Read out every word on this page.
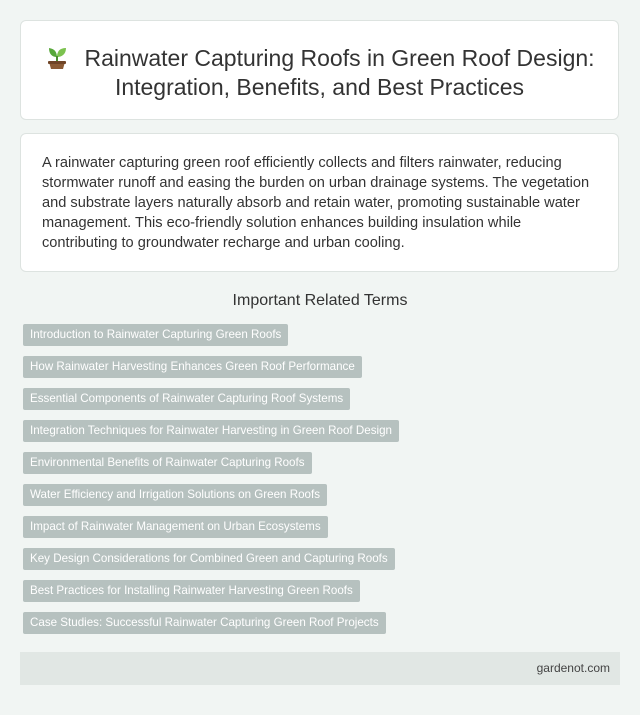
Rainwater Capturing Roofs in Green Roof Design: Integration, Benefits, and Best Practices

A rainwater capturing green roof efficiently collects and filters rainwater, reducing stormwater runoff and easing the burden on urban drainage systems. The vegetation and substrate layers naturally absorb and retain water, promoting sustainable water management. This eco-friendly solution enhances building insulation while contributing to groundwater recharge and urban cooling.

Important Related Terms
Introduction to Rainwater Capturing Green Roofs
How Rainwater Harvesting Enhances Green Roof Performance
Essential Components of Rainwater Capturing Roof Systems
Integration Techniques for Rainwater Harvesting in Green Roof Design
Environmental Benefits of Rainwater Capturing Roofs
Water Efficiency and Irrigation Solutions on Green Roofs
Impact of Rainwater Management on Urban Ecosystems
Key Design Considerations for Combined Green and Capturing Roofs
Best Practices for Installing Rainwater Harvesting Green Roofs
Case Studies: Successful Rainwater Capturing Green Roof Projects
gardenot.com
